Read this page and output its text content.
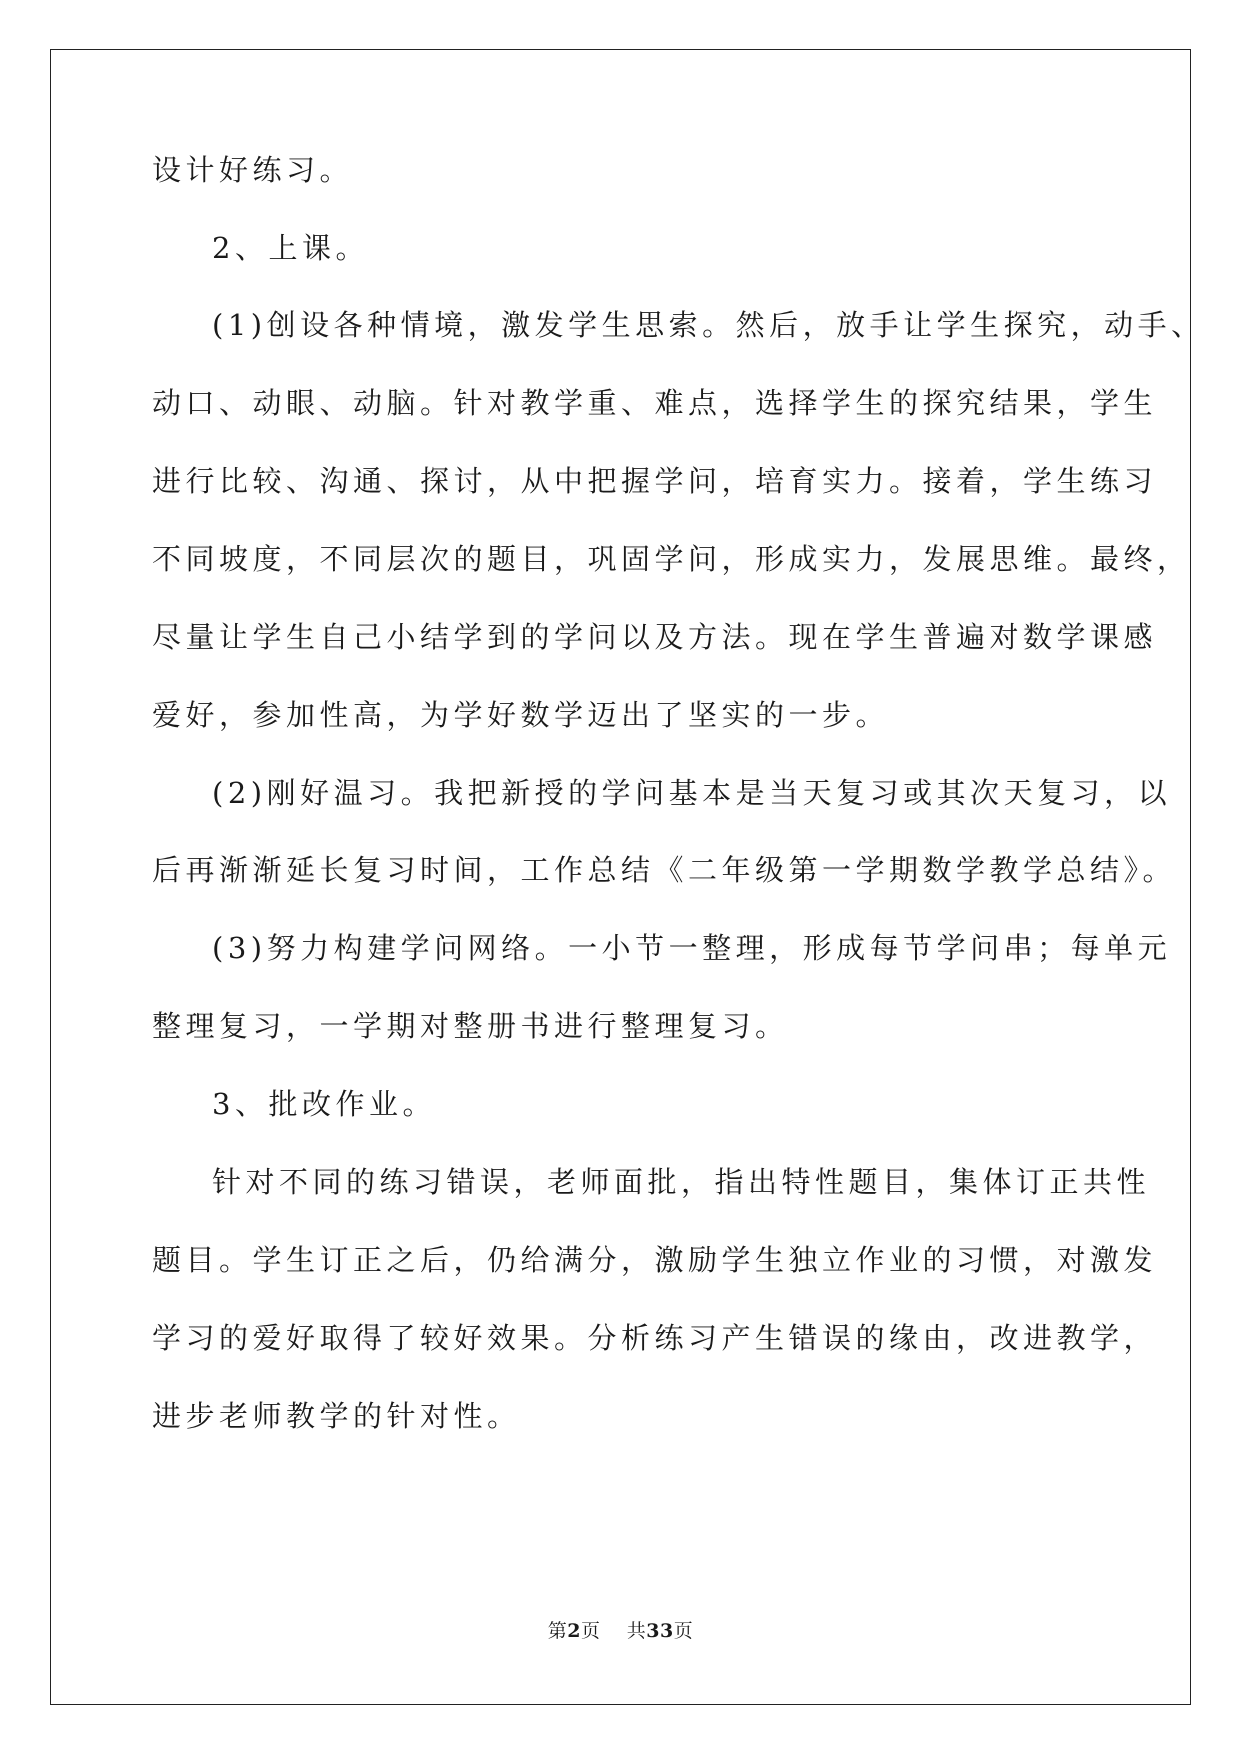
设计好练习。
2、上课。
(1)创设各种情境，激发学生思索。然后，放手让学生探究，动手、
动口、动眼、动脑。针对教学重、难点，选择学生的探究结果，学生
进行比较、沟通、探讨，从中把握学问，培育实力。接着，学生练习
不同坡度，不同层次的题目，巩固学问，形成实力，发展思维。最终，
尽量让学生自己小结学到的学问以及方法。现在学生普遍对数学课感
爱好，参加性高，为学好数学迈出了坚实的一步。
(2)刚好温习。我把新授的学问基本是当天复习或其次天复习，以
后再渐渐延长复习时间，工作总结《二年级第一学期数学教学总结》。
(3)努力构建学问网络。一小节一整理，形成每节学问串；每单元
整理复习，一学期对整册书进行整理复习。
3、批改作业。
针对不同的练习错误，老师面批，指出特性题目，集体订正共性
题目。学生订正之后，仍给满分，激励学生独立作业的习惯，对激发
学习的爱好取得了较好效果。分析练习产生错误的缘由，改进教学，
进步老师教学的针对性。
第2页 共33页
